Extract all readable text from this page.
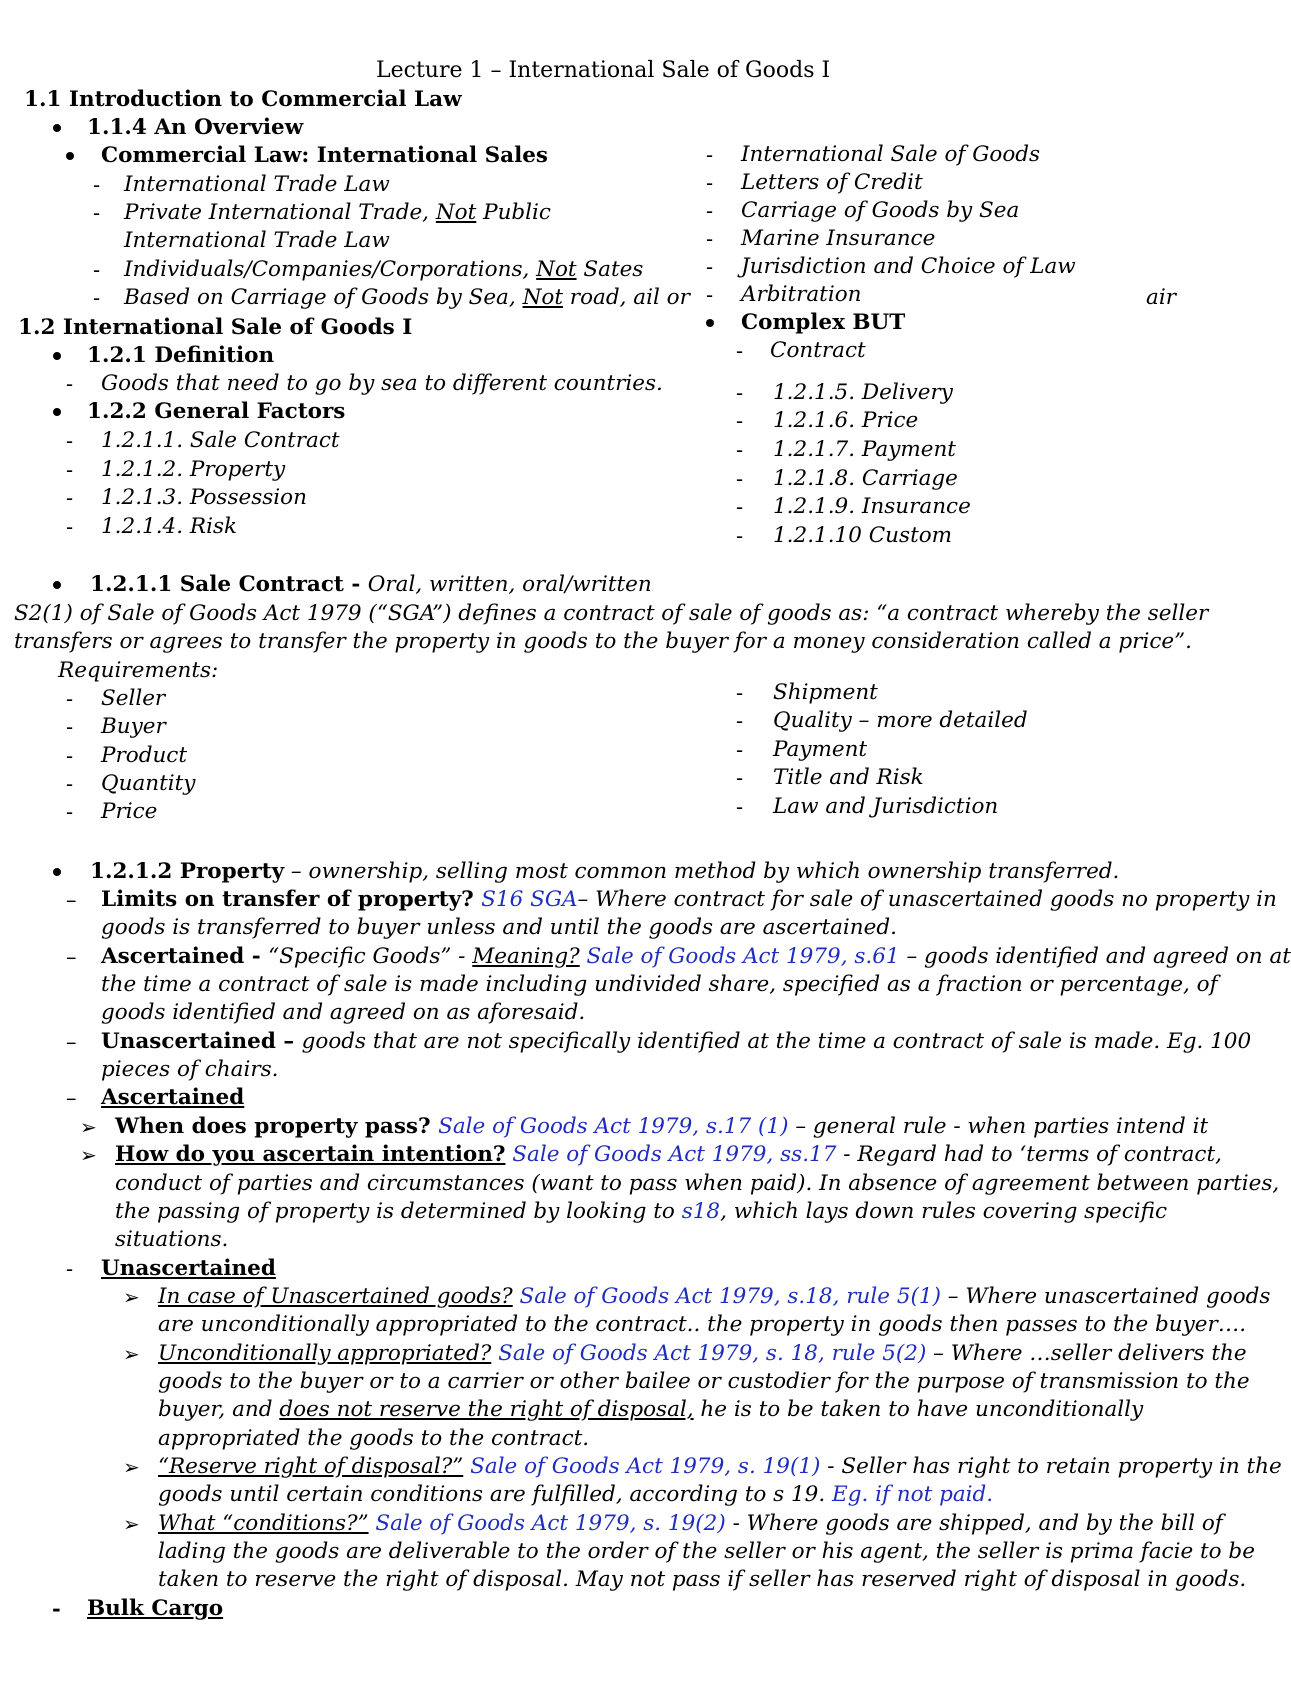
Lecture 1 – International Sale of Goods I
1.1 Introduction to Commercial Law
1.1.4 An Overview
Commercial Law: International Sales
- International Trade Law
- Private International Trade, Not Public
International Trade Law
- Individuals/Companies/Corporations, Not Sates
- Based on Carriage of Goods by Sea, Not road, ail or	air
- International Sale of Goods
- Letters of Credit
- Carriage of Goods by Sea
- Marine Insurance
- Jurisdiction and Choice of Law
- Arbitration
Complex BUT
- Contract
- 1.2.1.5. Delivery
- 1.2.1.6. Price
- 1.2.1.7. Payment
- 1.2.1.8. Carriage
- 1.2.1.9. Insurance
- 1.2.1.10 Custom
1.2 International Sale of Goods I
1.2.1 Definition
- Goods that need to go by sea to different countries.
1.2.2 General Factors
- 1.2.1.1. Sale Contract
- 1.2.1.2. Property
- 1.2.1.3. Possession
- 1.2.1.4. Risk
1.2.1.1 Sale Contract - Oral, written, oral/written
S2(1) of Sale of Goods Act 1979 (“SGA”) defines a contract of sale of goods as: “a contract whereby the seller
transfers or agrees to transfer the property in goods to the buyer for a money consideration called a price”.
Requirements:
- Seller
- Buyer
- Product
- Quantity
- Price
- Shipment
- Quality – more detailed
- Payment
- Title and Risk
- Law and Jurisdiction
1.2.1.2 Property – ownership, selling most common method by which ownership transferred.
– Limits on transfer of property? S16 SGA– Where contract for sale of unascertained goods no property in
goods is transferred to buyer unless and until the goods are ascertained.
– Ascertained - “Specific Goods” - Meaning? Sale of Goods Act 1979, s.61 – goods identified and agreed on at
the time a contract of sale is made including undivided share, specified as a fraction or percentage, of
goods identified and agreed on as aforesaid.
– Unascertained – goods that are not specifically identified at the time a contract of sale is made. Eg. 100
pieces of chairs.
– Ascertained
➢ When does property pass? Sale of Goods Act 1979, s.17 (1) – general rule - when parties intend it
➢ How do you ascertain intention? Sale of Goods Act 1979, ss.17 - Regard had to ‘terms of contract,
conduct of parties and circumstances (want to pass when paid). In absence of agreement between parties,
the passing of property is determined by looking to s18, which lays down rules covering specific
situations.
- Unascertained
➢ In case of Unascertained goods? Sale of Goods Act 1979, s.18, rule 5(1) – Where unascertained goods
are unconditionally appropriated to the contract.. the property in goods then passes to the buyer….
➢ Unconditionally appropriated? Sale of Goods Act 1979, s. 18, rule 5(2) – Where …seller delivers the
goods to the buyer or to a carrier or other bailee or custodier for the purpose of transmission to the
buyer, and does not reserve the right of disposal, he is to be taken to have unconditionally
appropriated the goods to the contract.
➢ “Reserve right of disposal?” Sale of Goods Act 1979, s. 19(1) - Seller has right to retain property in the
goods until certain conditions are fulfilled, according to s 19. Eg. if not paid.
➢ What “conditions?” Sale of Goods Act 1979, s. 19(2) - Where goods are shipped, and by the bill of
lading the goods are deliverable to the order of the seller or his agent, the seller is prima facie to be
taken to reserve the right of disposal. May not pass if seller has reserved right of disposal in goods.
- Bulk Cargo
